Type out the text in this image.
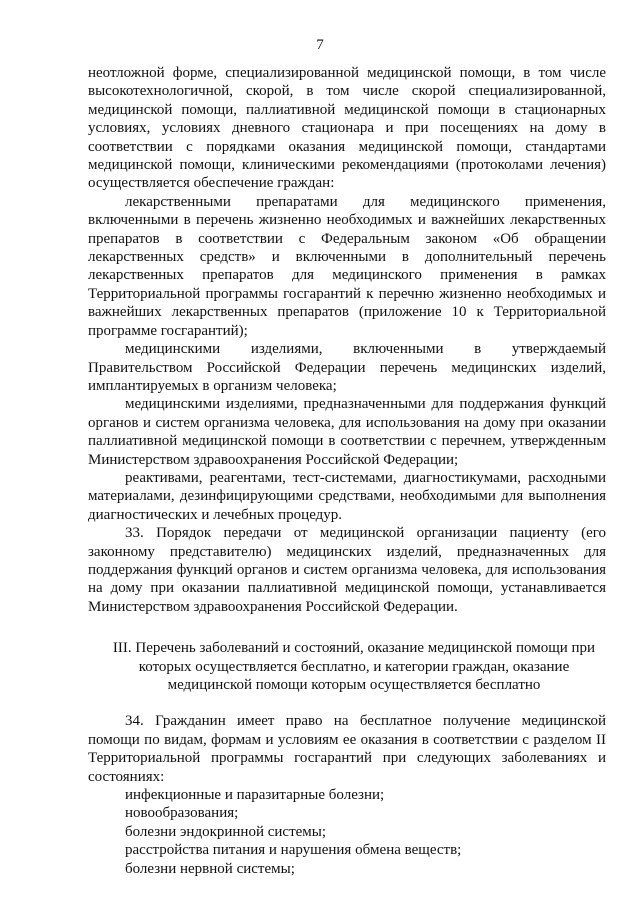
7

неотложной форме, специализированной медицинской помощи, в том числе высокотехнологичной, скорой, в том числе скорой специализированной, медицинской помощи, паллиативной медицинской помощи в стационарных условиях, условиях дневного стационара и при посещениях на дому в соответствии с порядками оказания медицинской помощи, стандартами медицинской помощи, клиническими рекомендациями (протоколами лечения) осуществляется обеспечение граждан:

лекарственными препаратами для медицинского применения, включенными в перечень жизненно необходимых и важнейших лекарственных препаратов в соответствии с Федеральным законом «Об обращении лекарственных средств» и включенными в дополнительный перечень лекарственных препаратов для медицинского применения в рамках Территориальной программы госгарантий к перечню жизненно необходимых и важнейших лекарственных препаратов (приложение 10 к Территориальной программе госгарантий);

медицинскими изделиями, включенными в утверждаемый Правительством Российской Федерации перечень медицинских изделий, имплантируемых в организм человека;

медицинскими изделиями, предназначенными для поддержания функций органов и систем организма человека, для использования на дому при оказании паллиативной медицинской помощи в соответствии с перечнем, утвержденным Министерством здравоохранения Российской Федерации;

реактивами, реагентами, тест-системами, диагностикумами, расходными материалами, дезинфицирующими средствами, необходимыми для выполнения диагностических и лечебных процедур.

33. Порядок передачи от медицинской организации пациенту (его законному представителю) медицинских изделий, предназначенных для поддержания функций органов и систем организма человека, для использования на дому при оказании паллиативной медицинской помощи, устанавливается Министерством здравоохранения Российской Федерации.

III. Перечень заболеваний и состояний, оказание медицинской помощи при

которых осуществляется бесплатно, и категории граждан, оказание

медицинской помощи которым осуществляется бесплатно

34. Гражданин имеет право на бесплатное получение медицинской помощи по видам, формам и условиям ее оказания в соответствии с разделом II Территориальной программы госгарантий при следующих заболеваниях и состояниях:

инфекционные и паразитарные болезни;

новообразования;

болезни эндокринной системы;

расстройства питания и нарушения обмена веществ;

болезни нервной системы;
